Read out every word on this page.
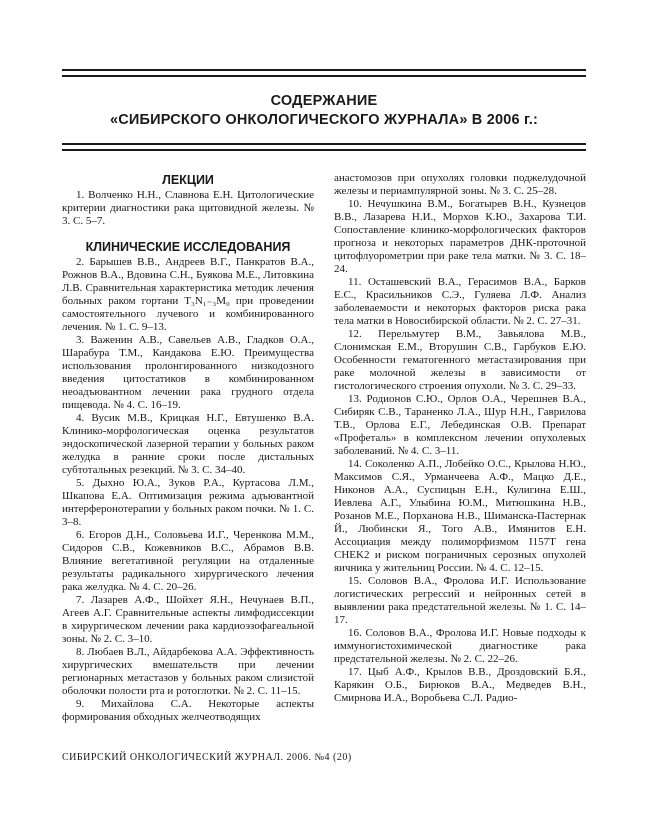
СОДЕРЖАНИЕ
«СИБИРСКОГО ОНКОЛОГИЧЕСКОГО ЖУРНАЛА» В 2006 г.:
ЛЕКЦИИ

1. Волченко Н.Н., Славнова Е.Н. Цитологические критерии диагностики рака щитовидной железы. № 3. С. 5–7.

КЛИНИЧЕСКИЕ ИССЛЕДОВАНИЯ

2. Барышев В.В., Андреев В.Г., Панкратов В.А., Рожнов В.А., Вдовина С.Н., Буякова М.Е., Литовкина Л.В. Сравнительная характеристика методик лечения больных раком гортани T₃N₁₋₃M₀ при проведении самостоятельного лучевого и комбинированного лечения. № 1. С. 9–13.

3. Важенин А.В., Савельев А.В., Гладков О.А., Шарабура Т.М., Кандакова Е.Ю. Преимущества использования пролонгированного низкодозного введения цитостатиков в комбинированном неоадъювантном лечении рака грудного отдела пищевода. № 4. С. 16–19.

4. Вусик М.В., Крицкая Н.Г., Евтушенко В.А. Клинико-морфологическая оценка результатов эндоскопической лазерной терапии у больных раком желудка в ранние сроки после дистальных субтотальных резекций. № 3. С. 34–40.

5. Дыхно Ю.А., Зуков Р.А., Куртасова Л.М., Шкапова Е.А. Оптимизация режима адъювантной интерферонотерапии у больных раком почки. № 1. С. 3–8.

6. Егоров Д.Н., Соловьева И.Г., Черенкова М.М., Сидоров С.В., Кожевников В.С., Абрамов В.В. Влияние вегетативной регуляции на отдаленные результаты радикального хирургического лечения рака желудка. № 4. С. 20–26.

7. Лазарев А.Ф., Шойхет Я.Н., Нечунаев В.П., Агеев А.Г. Сравнительные аспекты лимфодиссекции в хирургическом лечении рака кардиоэзофагеальной зоны. № 2. С. 3–10.

8. Любаев В.Л., Айдарбекова А.А. Эффективность хирургических вмешательств при лечении регионарных метастазов у больных раком слизистой оболочки полости рта и ротоглотки. № 2. С. 11–15.

9. Михайлова С.А. Некоторые аспекты формирования обходных желчеотводящих

анастомозов при опухолях головки поджелудочной железы и периампулярной зоны. № 3. С. 25–28.

10. Нечушкина В.М., Богатырев В.Н., Кузнецов В.В., Лазарева Н.И., Морхов К.Ю., Захарова Т.И. Сопоставление клинико-морфологических факторов прогноза и некоторых параметров ДНК-проточной цитофлуорометрии при раке тела матки. № 3. С. 18–24.

11. Осташевский В.А., Герасимов В.А., Барков Е.С., Красильников С.Э., Гуляева Л.Ф. Анализ заболеваемости и некоторых факторов риска рака тела матки в Новосибирской области. № 2. С. 27–31.

12. Перельмутер В.М., Завьялова М.В., Слонимская Е.М., Вторушин С.В., Гарбуков Е.Ю. Особенности гематогенного метастазирования при раке молочной железы в зависимости от гистологического строения опухоли. № 3. С. 29–33.

13. Родионов С.Ю., Орлов О.А., Черешнев В.А., Сибиряк С.В., Тараненко Л.А., Шур Н.Н., Гаврилова Т.В., Орлова Е.Г., Лебединская О.В. Препарат «Профеталь» в комплексном лечении опухолевых заболеваний. № 4. С. 3–11.

14. Соколенко А.П., Лобейко О.С., Крылова Н.Ю., Максимов С.Я., Урманчеева А.Ф., Мацко Д.Е., Никонов А.А., Суспицын Е.Н., Кулигина Е.Ш., Иевлева А.Г., Улыбина Ю.М., Митюшкина Н.В., Розанов М.Е., Порханова Н.В., Шиманска-Пастернак Й., Любински Я., Того А.В., Имянитов Е.Н. Ассоциация между полиморфизмом I157T гена CHEK2 и риском пограничных серозных опухолей яичника у жительниц России. № 4. С. 12–15.

15. Соловов В.А., Фролова И.Г. Использование логистических регрессий и нейронных сетей в выявлении рака предстательной железы. № 1. С. 14–17.

16. Соловов В.А., Фролова И.Г. Новые подходы к иммуногистохимической диагностике рака предстательной железы. № 2. С. 22–26.

17. Цыб А.Ф., Крылов В.В., Дроздовский Б.Я., Карякин О.Б., Бирюков В.А., Медведев В.Н., Смирнова И.А., Воробьева С.Л. Радио-

СИБИРСКИЙ ОНКОЛОГИЧЕСКИЙ ЖУРНАЛ. 2006. №4 (20)
